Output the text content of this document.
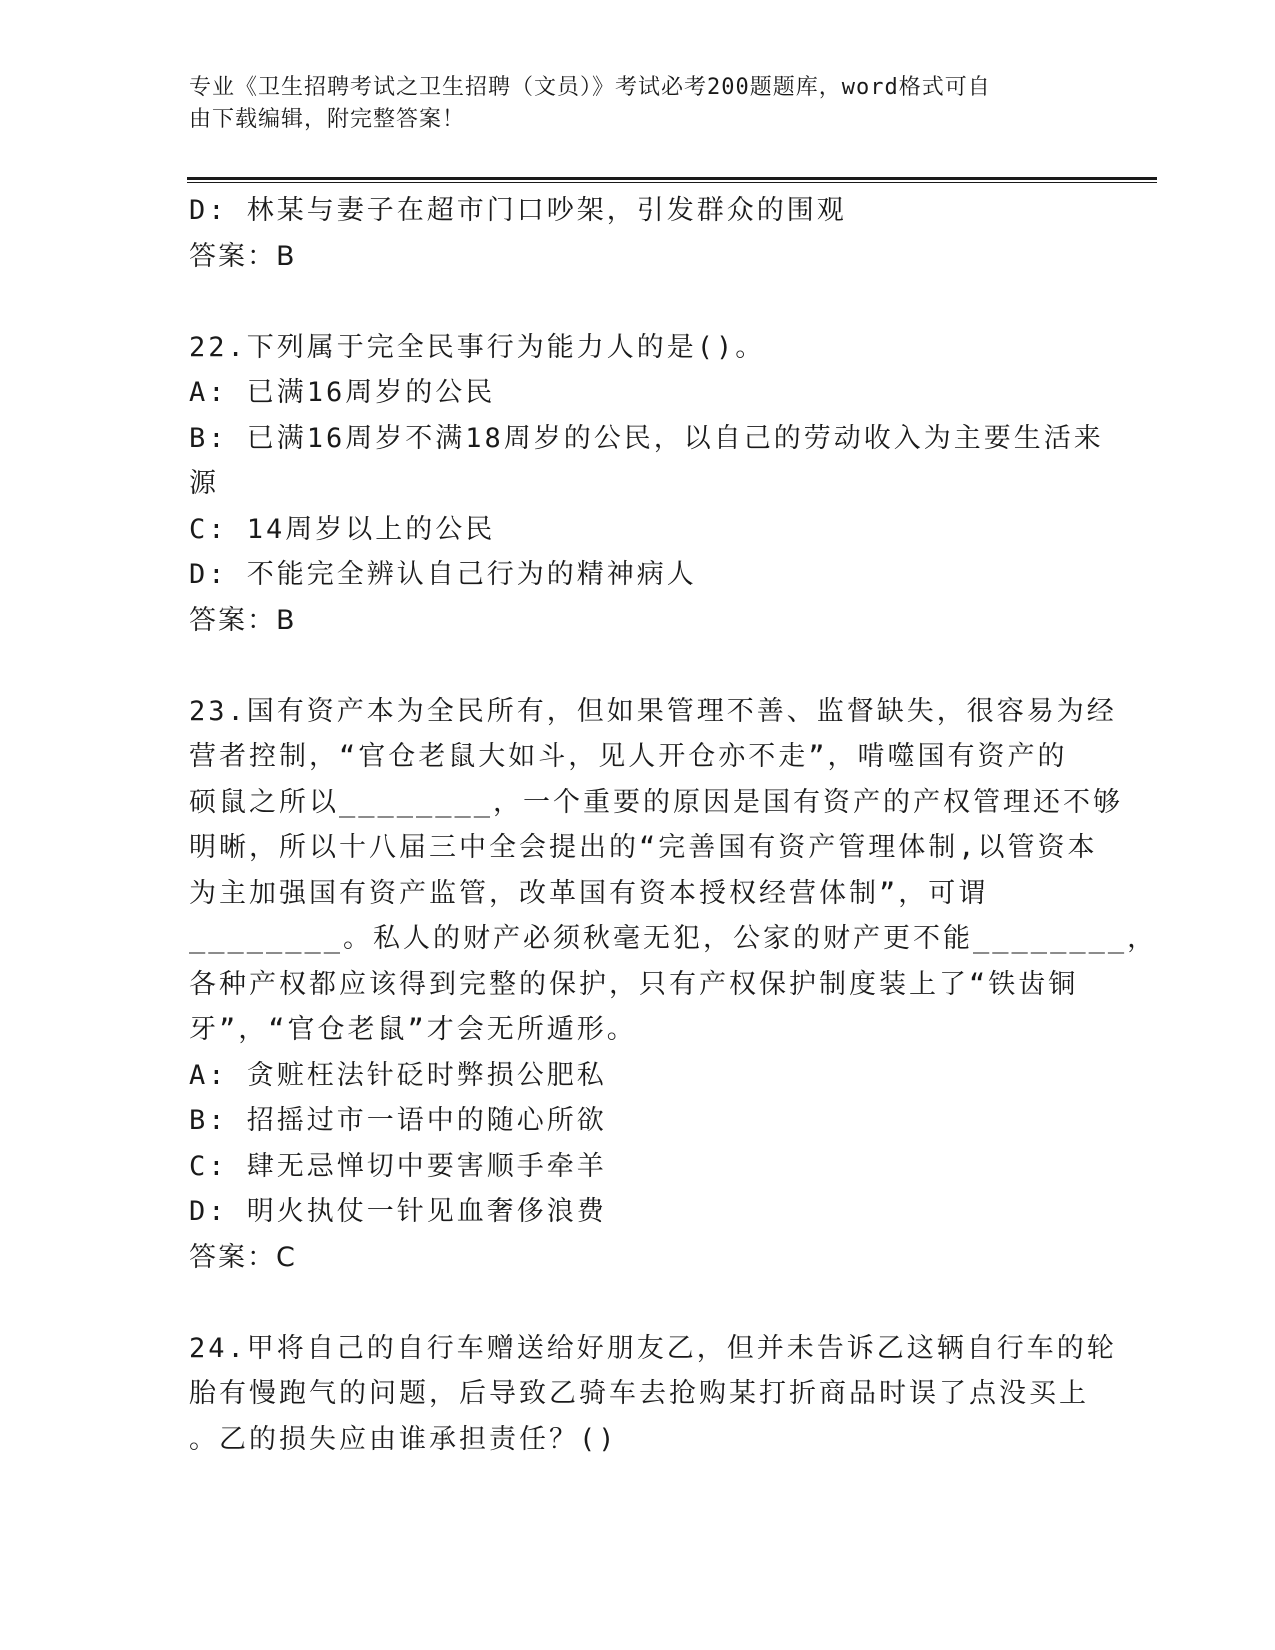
专业《卫生招聘考试之卫生招聘（文员）》考试必考200题题库，word格式可自
由下载编辑，附完整答案！
D: 林某与妻子在超市门口吵架，引发群众的围观
答案：B
22.下列属于完全民事行为能力人的是()。
A: 已满16周岁的公民
B: 已满16周岁不满18周岁的公民，以自己的劳动收入为主要生活来
源
C: 14周岁以上的公民
D: 不能完全辨认自己行为的精神病人
答案：B
23.国有资产本为全民所有，但如果管理不善、监督缺失，很容易为经
营者控制，“官仓老鼠大如斗，见人开仓亦不走”，啃噬国有资产的
硕鼠之所以________，一个重要的原因是国有资产的产权管理还不够
明晰，所以十八届三中全会提出的“完善国有资产管理体制,以管资本
为主加强国有资产监管，改革国有资本授权经营体制”，可谓
________。私人的财产必须秋毫无犯，公家的财产更不能________，
各种产权都应该得到完整的保护，只有产权保护制度装上了“铁齿铜
牙”，“官仓老鼠”才会无所遁形。
A: 贪赃枉法针砭时弊损公肥私
B: 招摇过市一语中的随心所欲
C: 肆无忌惮切中要害顺手牵羊
D: 明火执仗一针见血奢侈浪费
答案：C
24.甲将自己的自行车赠送给好朋友乙，但并未告诉乙这辆自行车的轮
胎有慢跑气的问题，后导致乙骑车去抢购某打折商品时误了点没买上
。乙的损失应由谁承担责任？()
